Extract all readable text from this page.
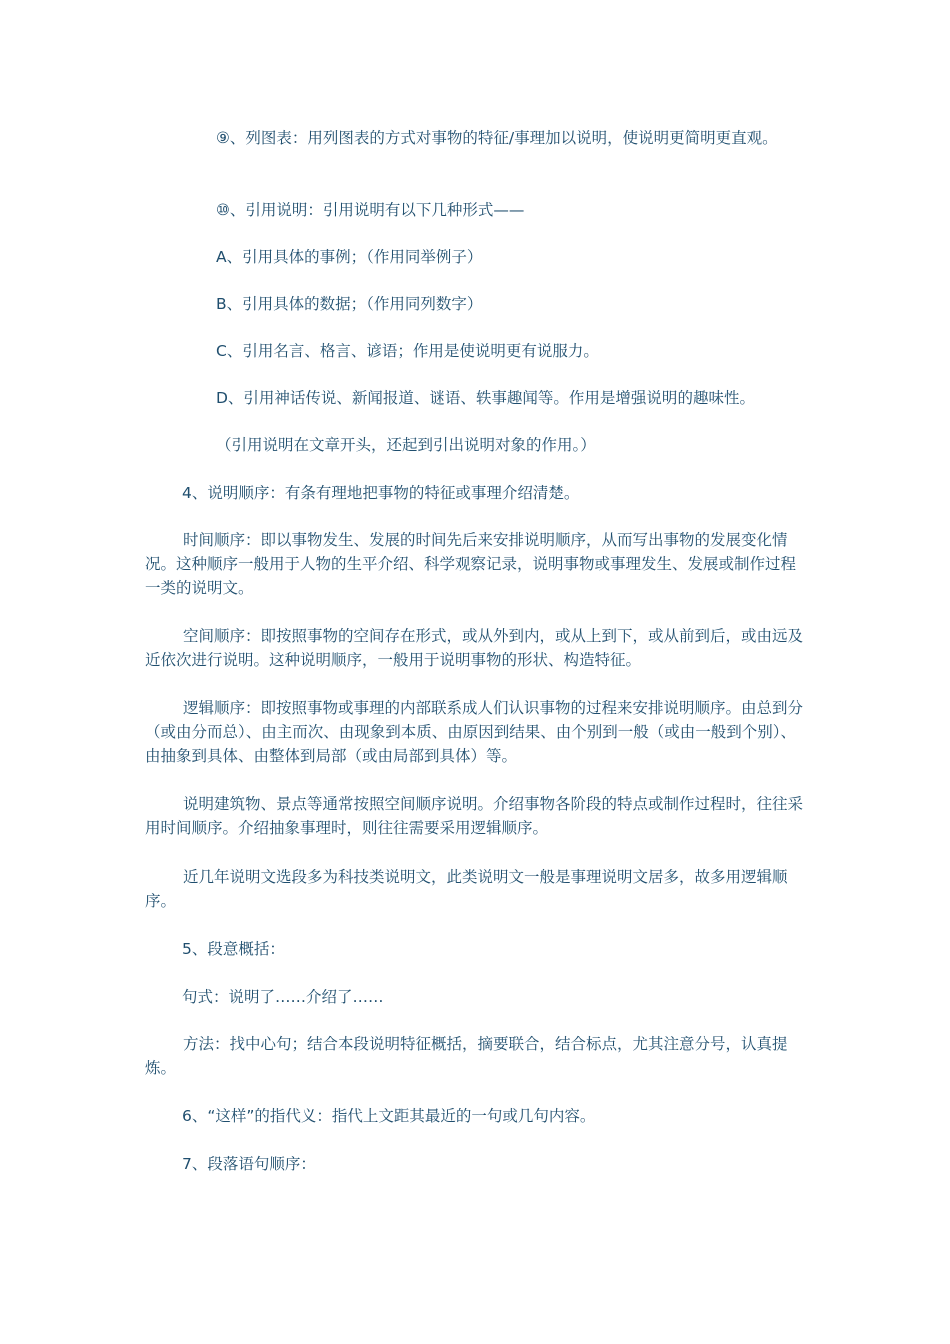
⑨、列图表：用列图表的方式对事物的特征/事理加以说明，使说明更简明更直观。

⑩、引用说明：引用说明有以下几种形式——

A、引用具体的事例；（作用同举例子）

B、引用具体的数据；（作用同列数字）

C、引用名言、格言、谚语；作用是使说明更有说服力。

D、引用神话传说、新闻报道、谜语、轶事趣闻等。作用是增强说明的趣味性。

（引用说明在文章开头，还起到引出说明对象的作用。）

4、说明顺序：有条有理地把事物的特征或事理介绍清楚。

时间顺序：即以事物发生、发展的时间先后来安排说明顺序，从而写出事物的发展变化情况。这种顺序一般用于人物的生平介绍、科学观察记录，说明事物或事理发生、发展或制作过程一类的说明文。

空间顺序：即按照事物的空间存在形式，或从外到内，或从上到下，或从前到后，或由远及近依次进行说明。这种说明顺序，一般用于说明事物的形状、构造特征。

逻辑顺序：即按照事物或事理的内部联系成人们认识事物的过程来安排说明顺序。由总到分（或由分而总）、由主而次、由现象到本质、由原因到结果、由个别到一般（或由一般到个别）、由抽象到具体、由整体到局部（或由局部到具体）等。

说明建筑物、景点等通常按照空间顺序说明。介绍事物各阶段的特点或制作过程时，往往采用时间顺序。介绍抽象事理时，则往往需要采用逻辑顺序。

近几年说明文选段多为科技类说明文，此类说明文一般是事理说明文居多，故多用逻辑顺序。

5、段意概括：

句式：说明了……介绍了……

方法：找中心句；结合本段说明特征概括，摘要联合，结合标点，尤其注意分号，认真提炼。

6、“这样”的指代义：指代上文距其最近的一句或几句内容。

7、段落语句顺序：
